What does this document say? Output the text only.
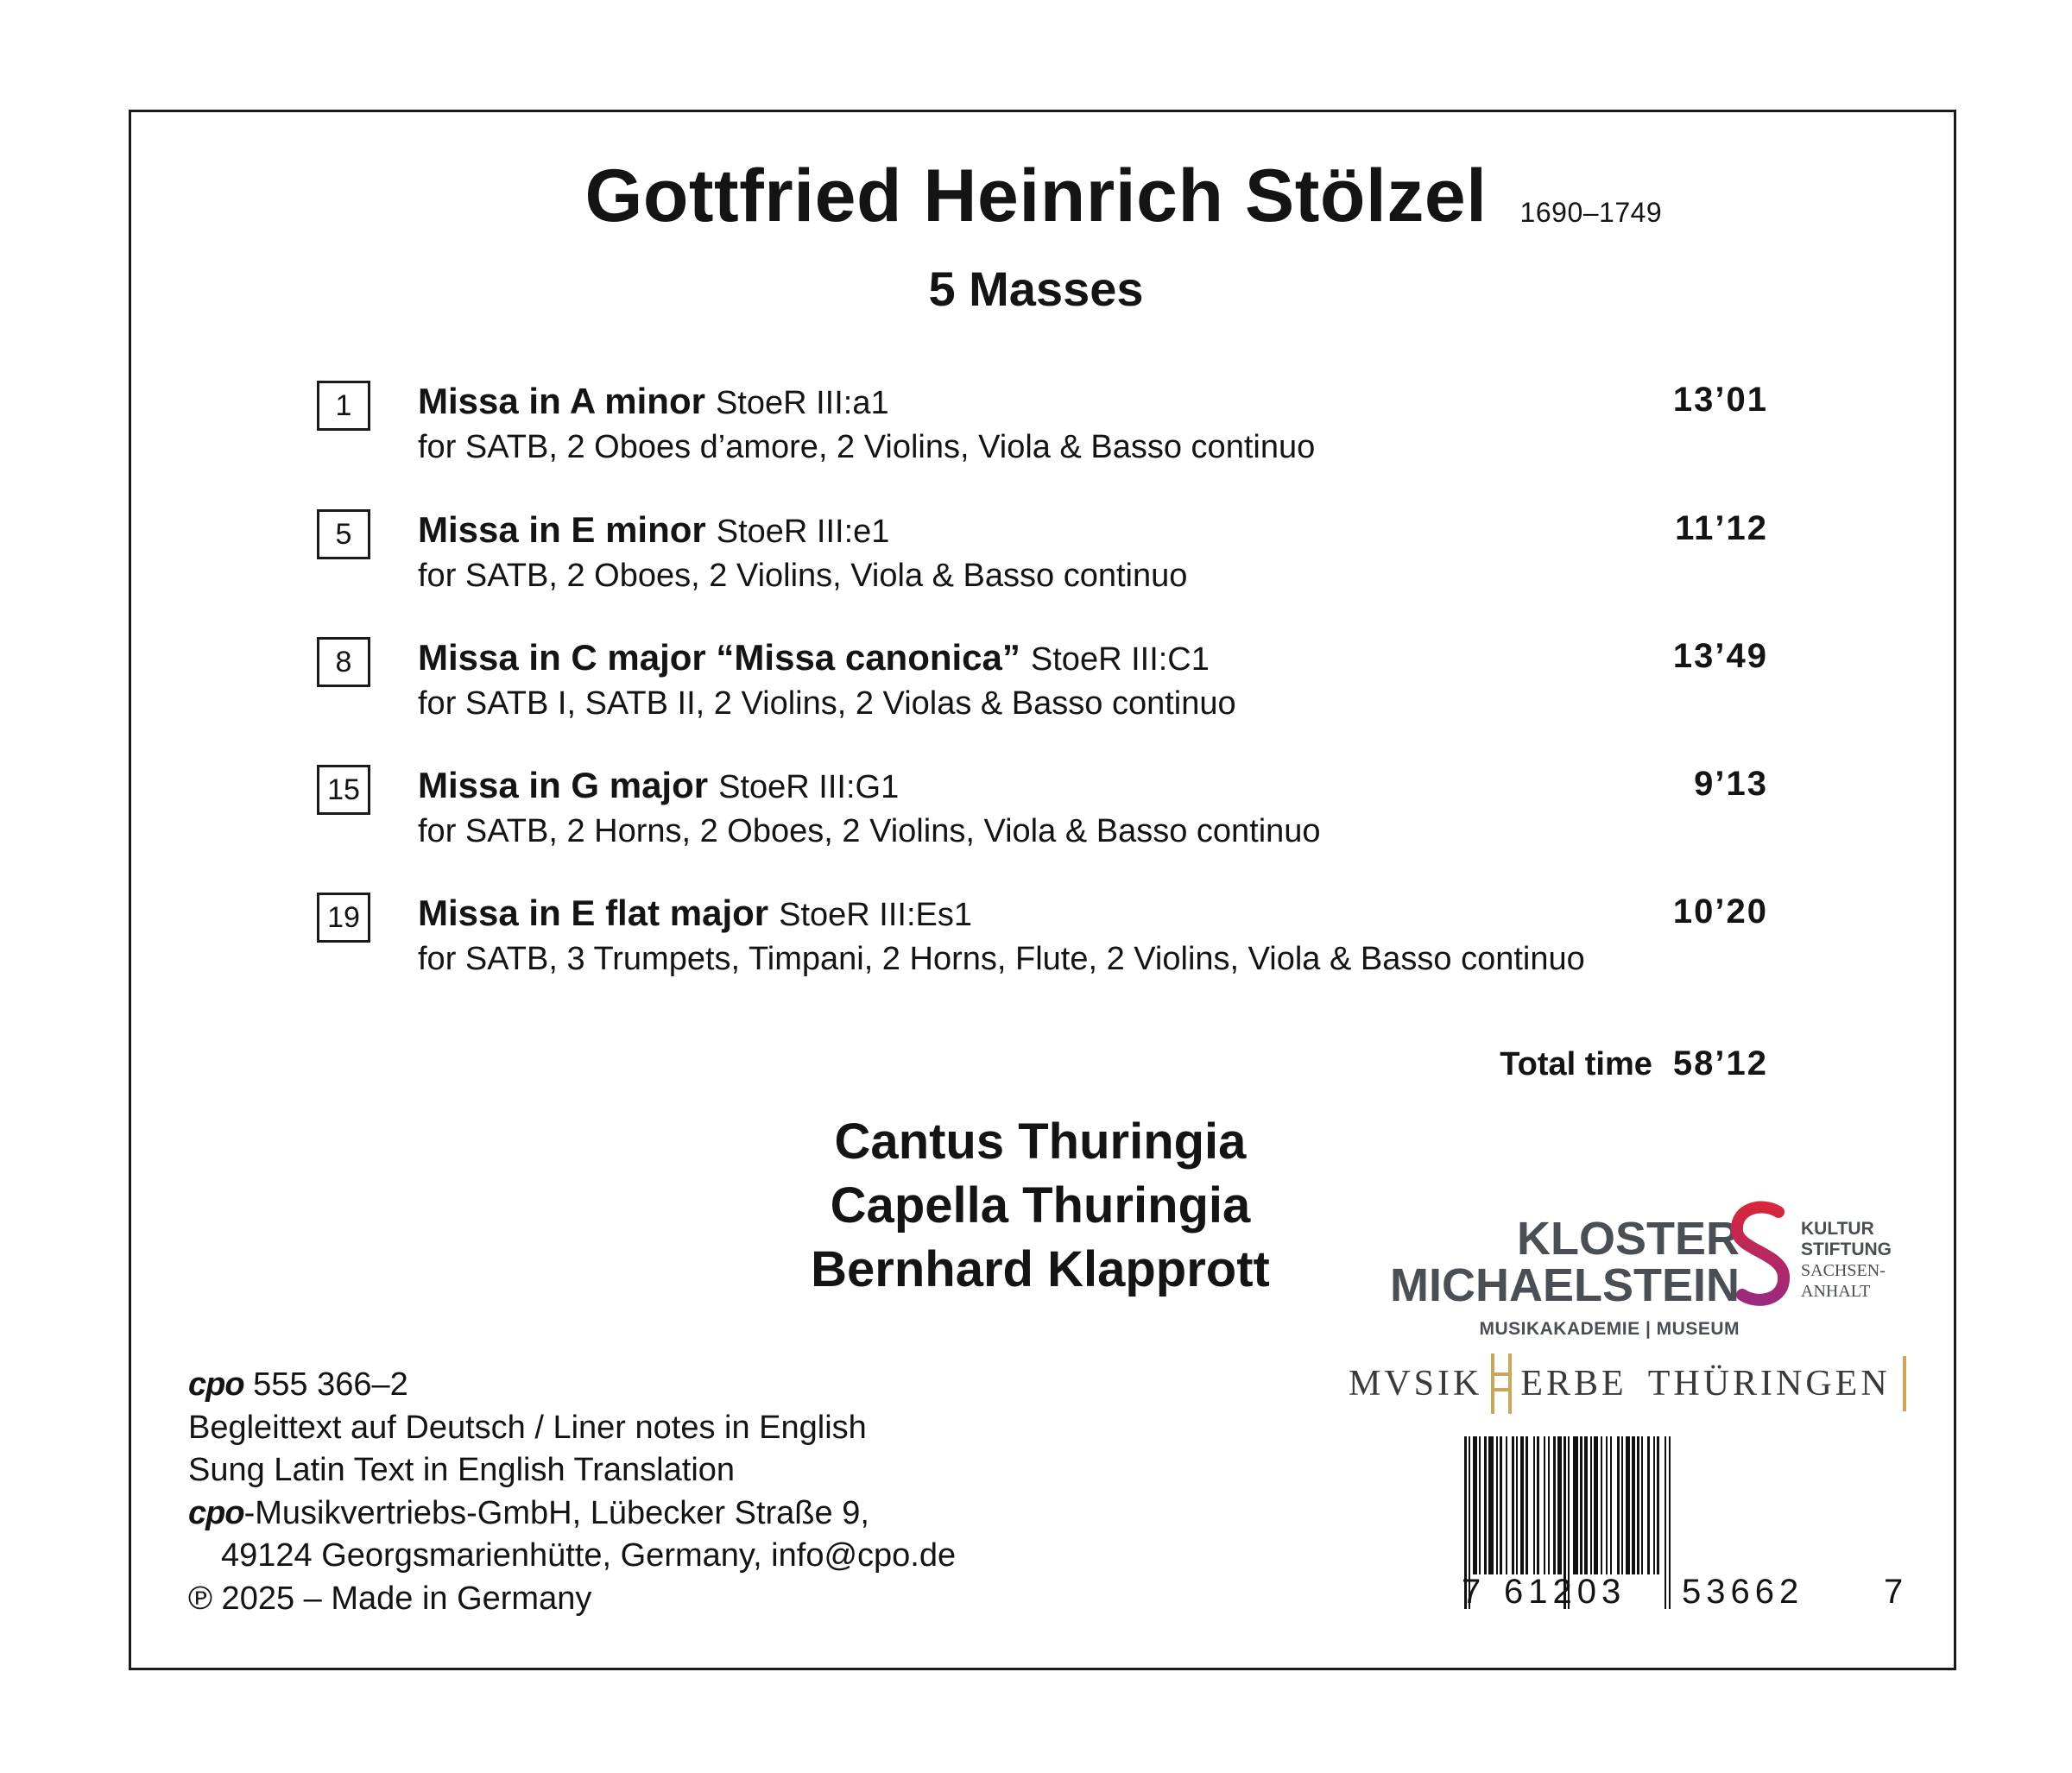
Gottfried Heinrich Stölzel 1690–1749
5 Masses
1	Missa in A minor StoeR III:a1
for SATB, 2 Oboes d’amore, 2 Violins, Viola & Basso continuo
13’01
5	Missa in E minor StoeR III:e1
for SATB, 2 Oboes, 2 Violins, Viola & Basso continuo
11’12
8	Missa in C major “Missa canonica” StoeR III:C1
for SATB I, SATB II, 2 Violins, 2 Violas & Basso continuo
13’49
15 Missa in G major StoeR III:G1
for SATB, 2 Horns, 2 Oboes, 2 Violins, Viola & Basso continuo
9’13
19 Missa in E flat major StoeR III:Es1
for SATB, 3 Trumpets, Timpani, 2 Horns, Flute, 2 Violins, Viola & Basso continuo
10’20
Total time 58’12
Cantus Thuringia
Capella Thuringia
Bernhard Klapprott
cpo 555 366–2
Begleittext auf Deutsch / Liner notes in English
Sung Latin Text in English Translation
cpo-Musikvertriebs-GmbH, Lübecker Straße 9,
49124 Georgsmarienhütte, Germany, info@cpo.de
℗ 2025 – Made in Germany
KLOSTER
MICHAELSTEIN
MUSIKAKADEMIE | MUSEUM
KULTUR
STIFTUNG
SACHSEN-
ANHALT
MVSIK ERBE THÜRINGEN
7 61203 53662 7
